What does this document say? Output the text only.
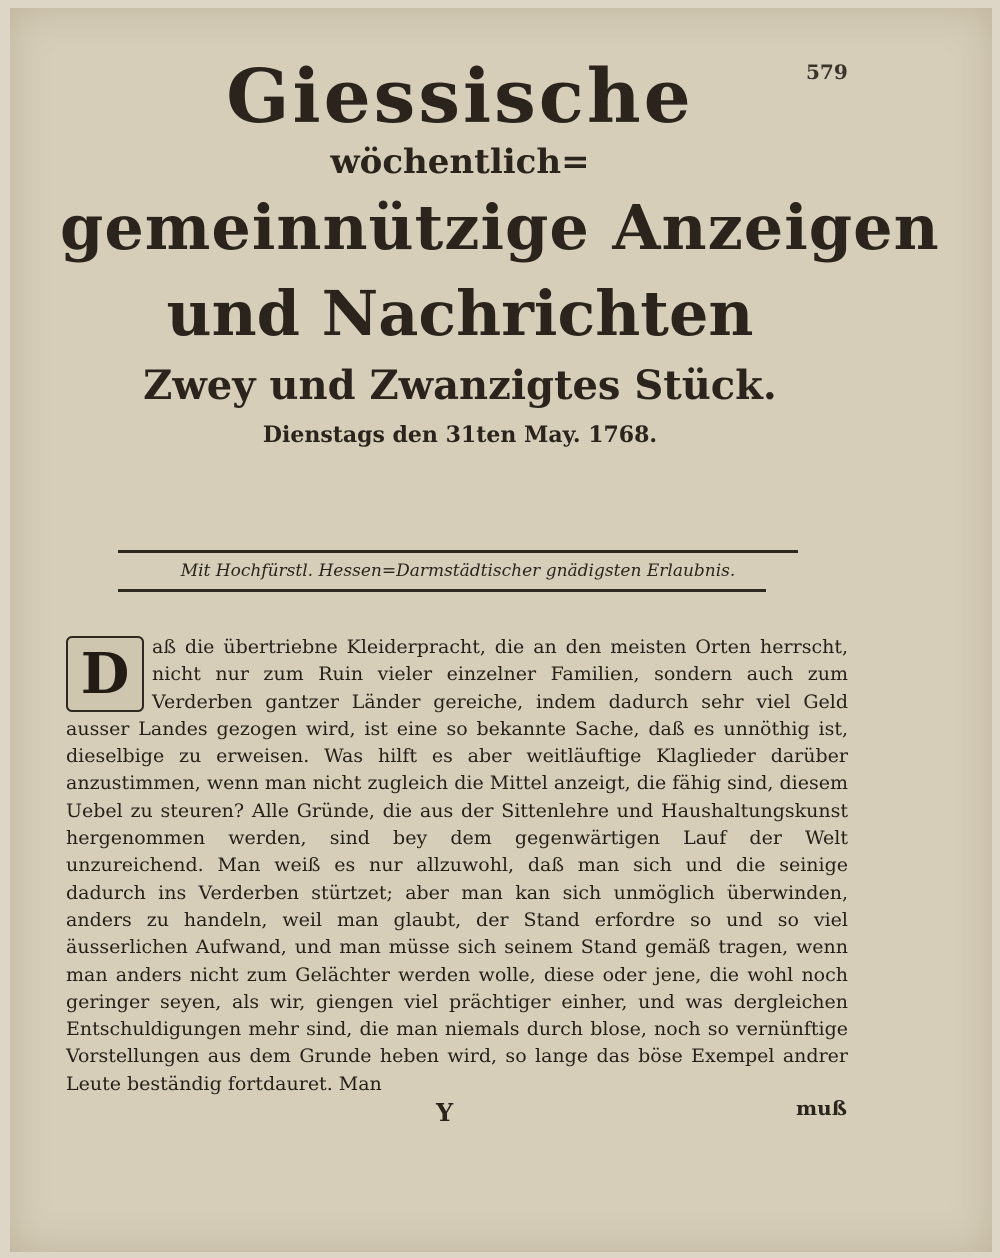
579

Giessische

wöchentlich=

gemeinnützige Anzeigen

und Nachrichten

Zwey und Zwanzigtes Stück.

Dienstags den 31ten May. 1768.

Mit Hochfürstl. Hessen=Darmstädtischer gnädigsten Erlaubnis.

D	aß die übertriebne Kleiderpracht, die an den meisten Orten herrscht, nicht nur zum Ruin vieler einzelner Familien, sondern auch zum Verderben gantzer Länder gereiche, indem dadurch sehr viel Geld ausser Landes gezogen wird, ist eine so bekannte Sache, daß es unnöthig ist, dieselbige zu erweisen. Was hilft es aber weitläuftige Klaglieder darüber anzustimmen, wenn man nicht zugleich die Mittel anzeigt, die fähig sind, diesem Uebel zu steuren? Alle Gründe, die aus der Sittenlehre und Haushaltungskunst hergenommen werden, sind bey dem gegenwärtigen Lauf der Welt unzureichend. Man weiß es nur allzuwohl, daß man sich und die seinige dadurch ins Verderben stürtzet; aber man kan sich unmöglich überwinden, anders zu handeln, weil man glaubt, der Stand erfordre so und so viel äusserlichen Aufwand, und man müsse sich seinem Stand gemäß tragen, wenn man anders nicht zum Gelächter werden wolle, diese oder jene, die wohl noch geringer seyen, als wir, giengen viel prächtiger einher, und was dergleichen Entschuldigungen mehr sind, die man niemals durch blose, noch so vernünftige Vorstellungen aus dem Grunde heben wird, so lange das böse Exempel andrer Leute beständig fortdauret. Man

Y	muß
